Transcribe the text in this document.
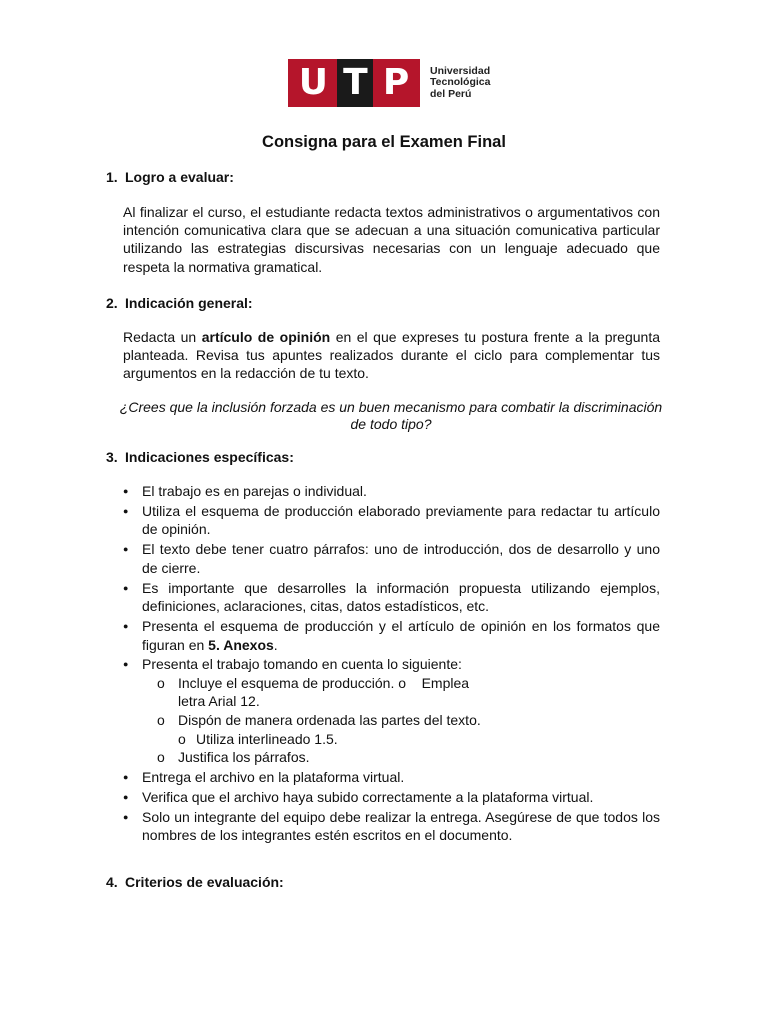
U T P Universidad
Tecnológica
del Perú
Consigna para el Examen Final
1. Logro a evaluar:

Al finalizar el curso, el estudiante redacta textos administrativos o argumentativos con intención comunicativa clara que se adecuan a una situación comunicativa particular utilizando las estrategias discursivas necesarias con un lenguaje adecuado que respeta la normativa gramatical.

2. Indicación general:

Redacta un artículo de opinión en el que expreses tu postura frente a la pregunta planteada. Revisa tus apuntes realizados durante el ciclo para complementar tus argumentos en la redacción de tu texto.

¿Crees que la inclusión forzada es un buen mecanismo para combatir la discriminación de todo tipo?
3. Indicaciones específicas:
● El trabajo es en parejas o individual.
● Utiliza el esquema de producción elaborado previamente para redactar tu artículo de opinión.
● El texto debe tener cuatro párrafos: uno de introducción, dos de desarrollo y uno de cierre.
● Es importante que desarrolles la información propuesta utilizando ejemplos, definiciones, aclaraciones, citas, datos estadísticos, etc.
● Presenta el esquema de producción y el artículo de opinión en los formatos que figuran en 5. Anexos.
● Presenta el trabajo tomando en cuenta lo siguiente:
o Incluye el esquema de producción. o    Emplea
letra Arial 12.
o Dispón de manera ordenada las partes del texto.
o Utiliza interlineado 1.5.
o Justifica los párrafos.
● Entrega el archivo en la plataforma virtual.
● Verifica que el archivo haya subido correctamente a la plataforma virtual.
● Solo un integrante del equipo debe realizar la entrega. Asegúrese de que todos los nombres de los integrantes estén escritos en el documento.
4. Criterios de evaluación:
